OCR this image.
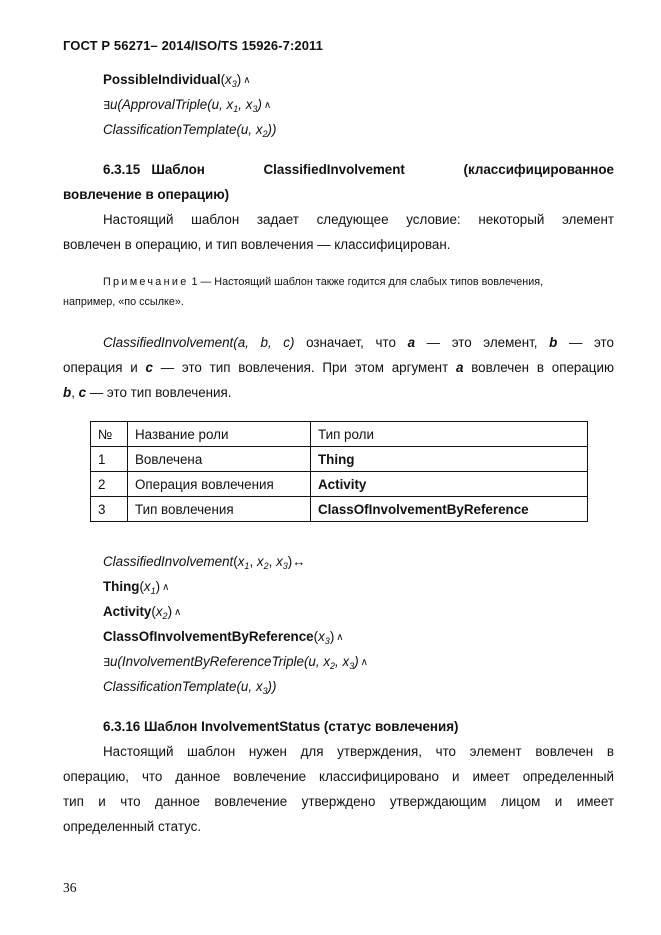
ГОСТ Р 56271– 2014/ISO/TS 15926-7:2011
$PossibleIndividual(x_3)$ ∧
∃u(ApprovalTriple(u, $x_1$, $x_3$) ∧
ClassificationTemplate(u, $x_2$))
6.3.15 Шаблон	ClassifiedInvolvement	(классифицированное
вовлечение в операцию)
Настоящий шаблон задает следующее условие: некоторый элемент
вовлечен в операцию, и тип вовлечения — классифицирован.
Примечание 1 — Настоящий шаблон также годится для слабых типов вовлечения,
например, «по ссылке».
ClassifiedInvolvement(a, b, c) означает, что a — это элемент, b — это
операция и c — это тип вовлечения. При этом аргумент a вовлечен в операцию
b, c — это тип вовлечения.
№	Название роли	Тип роли
1	Вовлечена	Thing
2	Операция вовлечения	Activity
3	Тип вовлечения	ClassOfInvolvementByReference
$ClassifiedInvolvement(x_1$, $x_2$, $x_3)\leftrightarrow$
$Thing(x_1)$ ∧
$Activity(x_2)$ ∧
$ClassOfInvolvementByReference(x_3)$ ∧
∃u(InvolvementByReferenceTriple(u, $x_2$, $x_3$) ∧
ClassificationTemplate(u, $x_3$))
6.3.16 Шаблон InvolvementStatus (статус вовлечения)
Настоящий шаблон нужен для утверждения, что элемент вовлечен в
операцию, что данное вовлечение классифицировано и имеет определенный
тип и что данное вовлечение утверждено утверждающим лицом и имеет
определенный статус.
36
